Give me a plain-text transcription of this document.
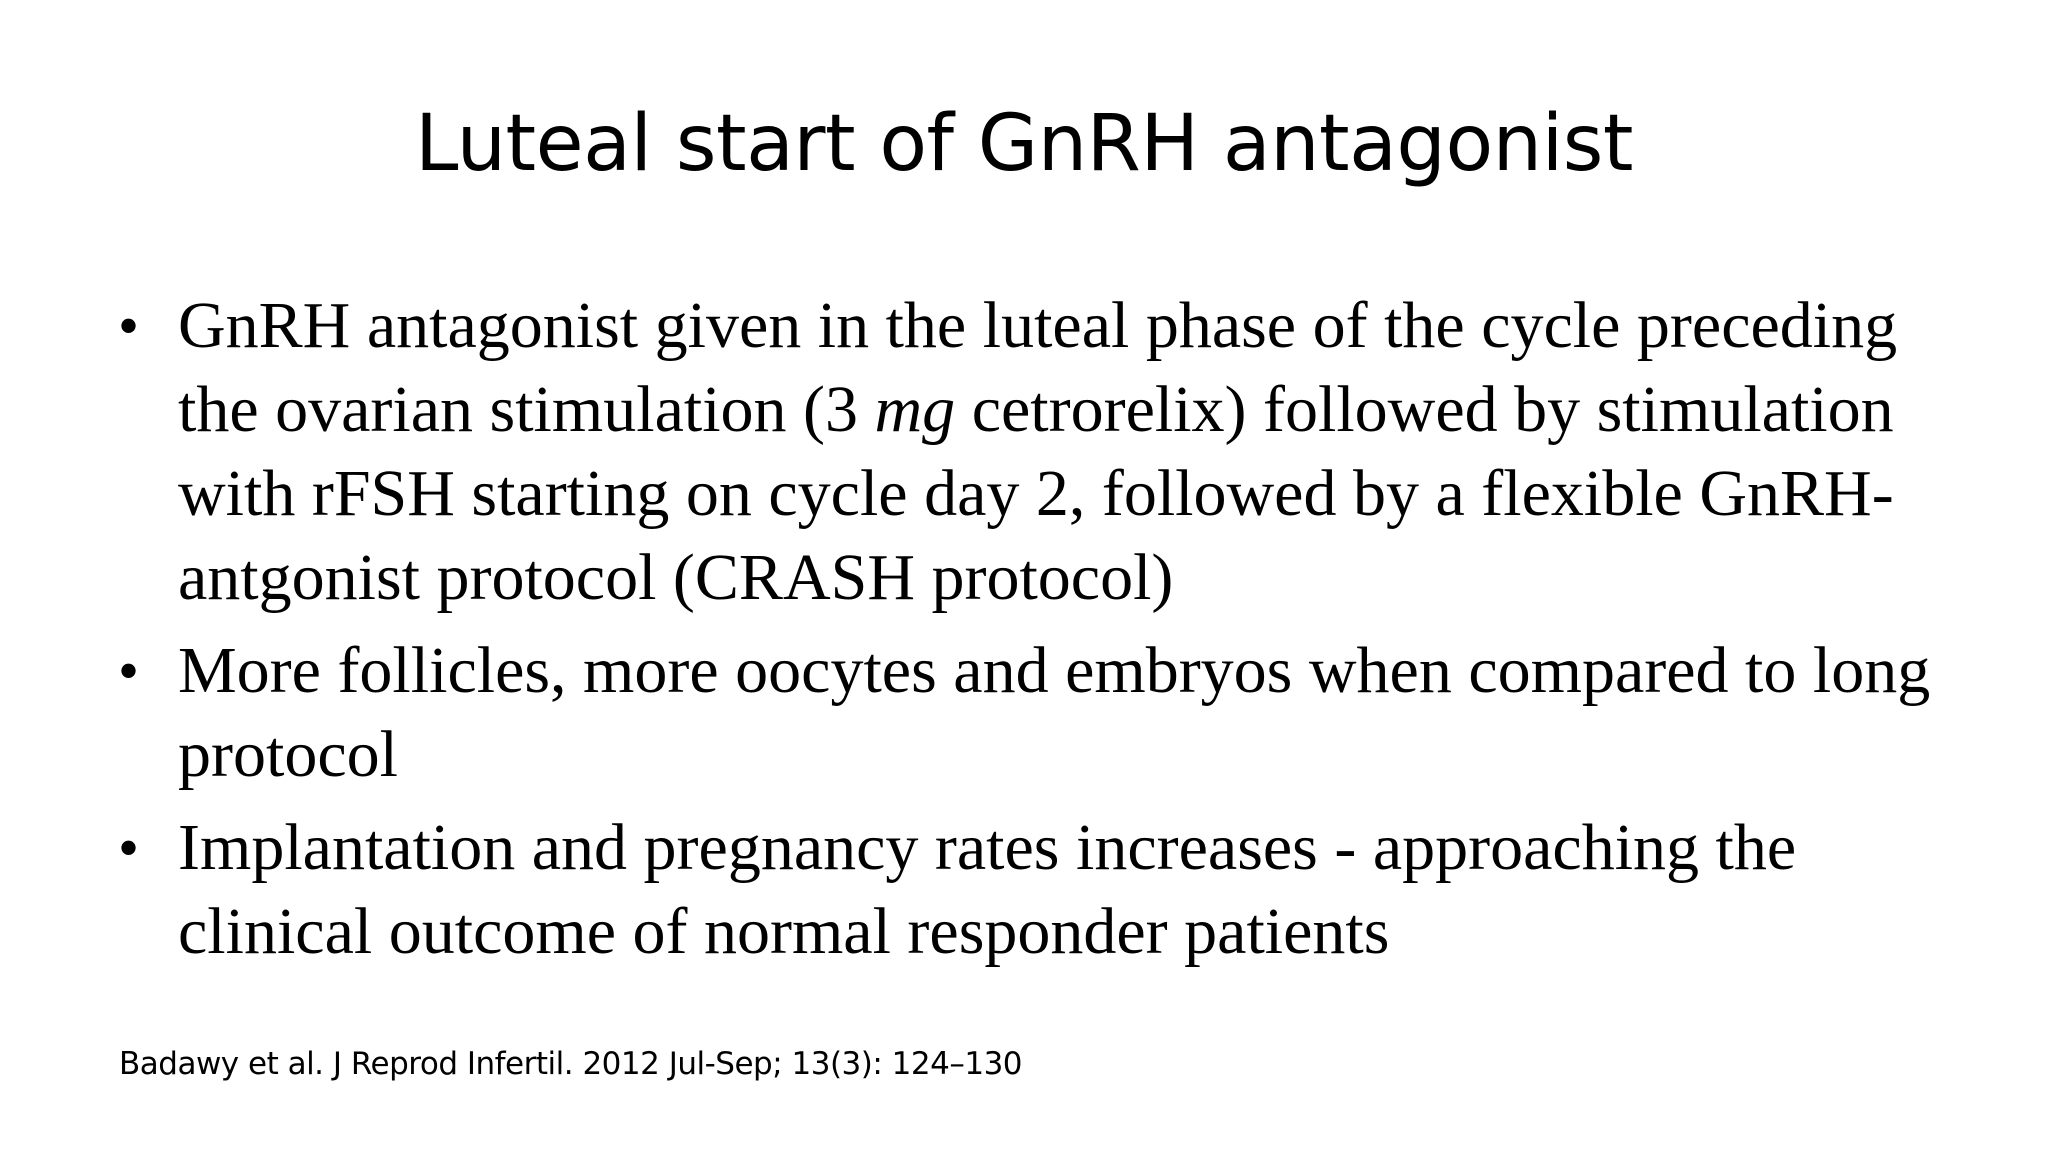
Luteal start of GnRH antagonist
• GnRH antagonist given in the luteal phase of the cycle preceding the ovarian stimulation (3 mg cetrorelix) followed by stimulation with rFSH starting on cycle day 2, followed by a flexible GnRH-antgonist protocol (CRASH protocol)
• More follicles, more oocytes and embryos when compared to long protocol
• Implantation and pregnancy rates increases - approaching the clinical outcome of normal responder patients
Badawy et al. J Reprod Infertil. 2012 Jul-Sep; 13(3): 124–130
